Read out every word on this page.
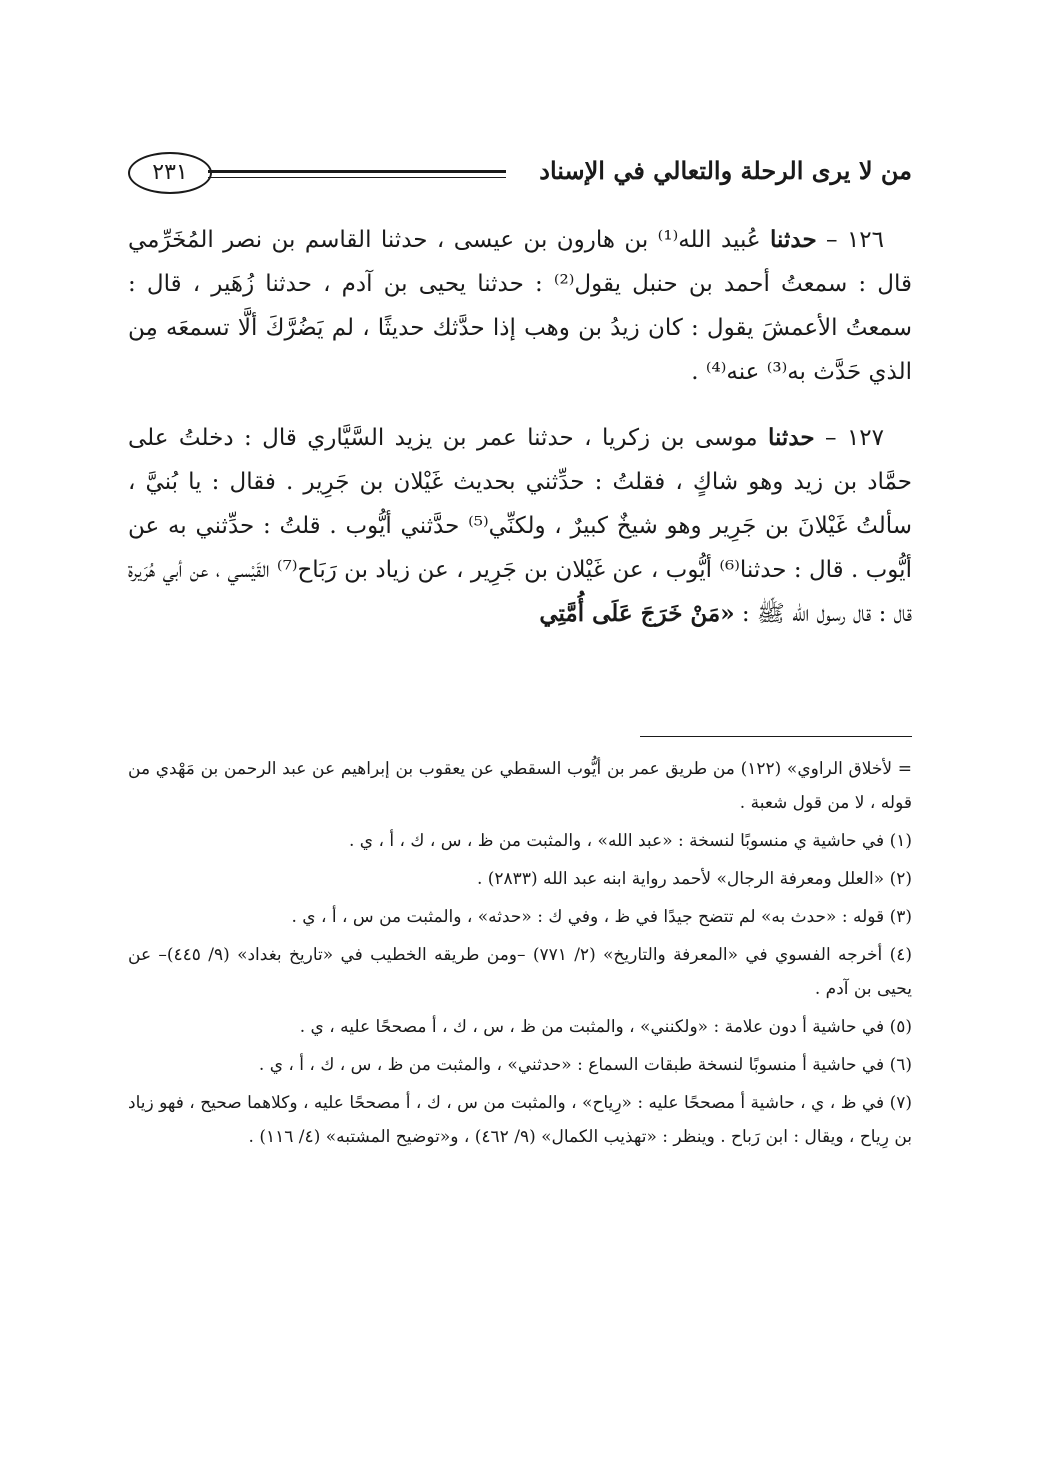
من لا يرى الرحلة والتعالي في الإسناد
٢٣١

١٢٦ – حدثنا عُبيد الله⁽¹⁾ بن هارون بن عيسى ، حدثنا القاسم بن نصر المُخَرِّمي قال : سمعتُ أحمد بن حنبل يقول⁽²⁾ : حدثنا يحيى بن آدم ، حدثنا زُهَير ، قال : سمعتُ الأعمشَ يقول : كان زيدُ بن وهب إذا حدَّثك حديثًا ، لم يَضُرَّكَ ألَّا تسمعَه مِن الذي حَدَّث به⁽³⁾ عنه⁽⁴⁾ .

١٢٧ – حدثنا موسى بن زكريا ، حدثنا عمر بن يزيد السَّيَّاري قال : دخلتُ على حمَّاد بن زيد وهو شاكٍ ، فقلتُ : حدِّثني بحديث غَيْلان بن جَرِير . فقال : يا بُنيَّ ، سألتُ غَيْلانَ بن جَرِير وهو شيخٌ كبيرٌ ، ولكنِّي⁽⁵⁾ حدَّثني أيُّوب . قلتُ : حدِّثني به عن أيُّوب . قال : حدثنا⁽⁶⁾ أيُّوب ، عن غَيْلان بن جَرِير ، عن زياد بن رَبَاح⁽⁷⁾ القَيْسي ، عن أبي هُرَيرة قال : قال رسول الله ﷺ : «مَنْ خَرَجَ عَلَى أُمَّتِي

= لأخلاق الراوي» (١٢٢) من طريق عمر بن أيُّوب السقطي عن يعقوب بن إبراهيم عن عبد الرحمن بن مَهْدي من قوله ، لا من قول شعبة .

(١) في حاشية ي منسوبًا لنسخة : «عبد الله» ، والمثبت من ظ ، س ، ك ، أ ، ي .

(٢) «العلل ومعرفة الرجال» لأحمد رواية ابنه عبد الله (٢٨٣٣) .

(٣) قوله : «حدث به» لم تتضح جيدًا في ظ ، وفي ك : «حدثه» ، والمثبت من س ، أ ، ي .

(٤) أخرجه الفسوي في «المعرفة والتاريخ» (٢/ ٧٧١) –ومن طريقه الخطيب في «تاريخ بغداد» (٩/ ٤٤٥)– عن يحيى بن آدم .

(٥) في حاشية أ دون علامة : «ولكنني» ، والمثبت من ظ ، س ، ك ، أ مصححًا عليه ، ي .

(٦) في حاشية أ منسوبًا لنسخة طبقات السماع : «حدثني» ، والمثبت من ظ ، س ، ك ، أ ، ي .

(٧) في ظ ، ي ، حاشية أ مصححًا عليه : «رِياح» ، والمثبت من س ، ك ، أ مصححًا عليه ، وكلاهما صحيح ، فهو زياد بن رِياح ، ويقال : ابن رَباح . وينظر : «تهذيب الكمال» (٩/ ٤٦٢) ، و«توضيح المشتبه» (٤/ ١١٦) .
